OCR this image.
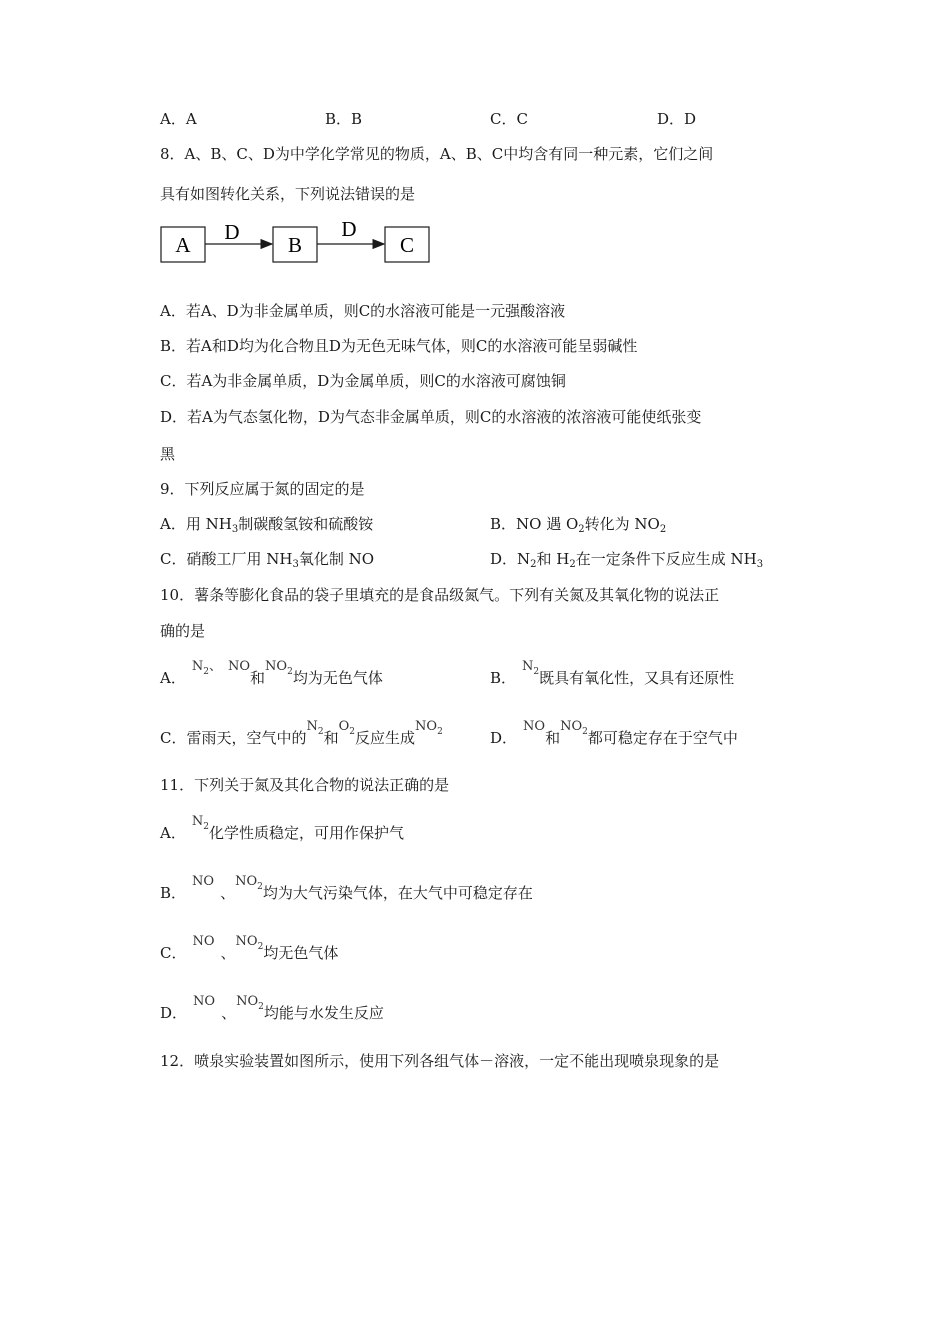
A．A	B．B	C．C	D．D
8．A、B、C、D为中学化学常见的物质，A、B、C中均含有同一种元素，它们之间
具有如图转化关系，下列说法错误的是
A
D
B
D
C
A．若A、D为非金属单质，则C的水溶液可能是一元强酸溶液
B．若A和D均为化合物且D为无色无味气体，则C的水溶液可能呈弱碱性
C．若A为非金属单质，D为金属单质，则C的水溶液可腐蚀铜
D．若A为气态氢化物，D为气态非金属单质，则C的水溶液的浓溶液可能使纸张变
黑
9．下列反应属于氮的固定的是
A．用 $NH_3$制碳酸氢铵和硫酸铵	B．NO 遇 $O_2$转化为 $NO_2$
C．硝酸工厂用 $NH_3$氧化制 NO	D．$N_2$和 $H_2$在一定条件下反应生成 $NH_3$
10．薯条等膨化食品的袋子里填充的是食品级氮气。下列有关氮及其氧化物的说法正
确的是
A．$N_2$、 NO和$NO_2$均为无色气体	B．$N_2$既具有氧化性，又具有还原性
C．雷雨天，空气中的$N_2$和$O_2$反应生成$NO_2$	D．NO和$NO_2$都可稳定存在于空气中
11．下列关于氮及其化合物的说法正确的是
A．$N_2$化学性质稳定，可用作保护气
B．NO、$NO_2$均为大气污染气体，在大气中可稳定存在
C．NO、$NO_2$均无色气体
D．NO、$NO_2$均能与水发生反应
12．喷泉实验装置如图所示，使用下列各组气体－溶液，一定不能出现喷泉现象的是
